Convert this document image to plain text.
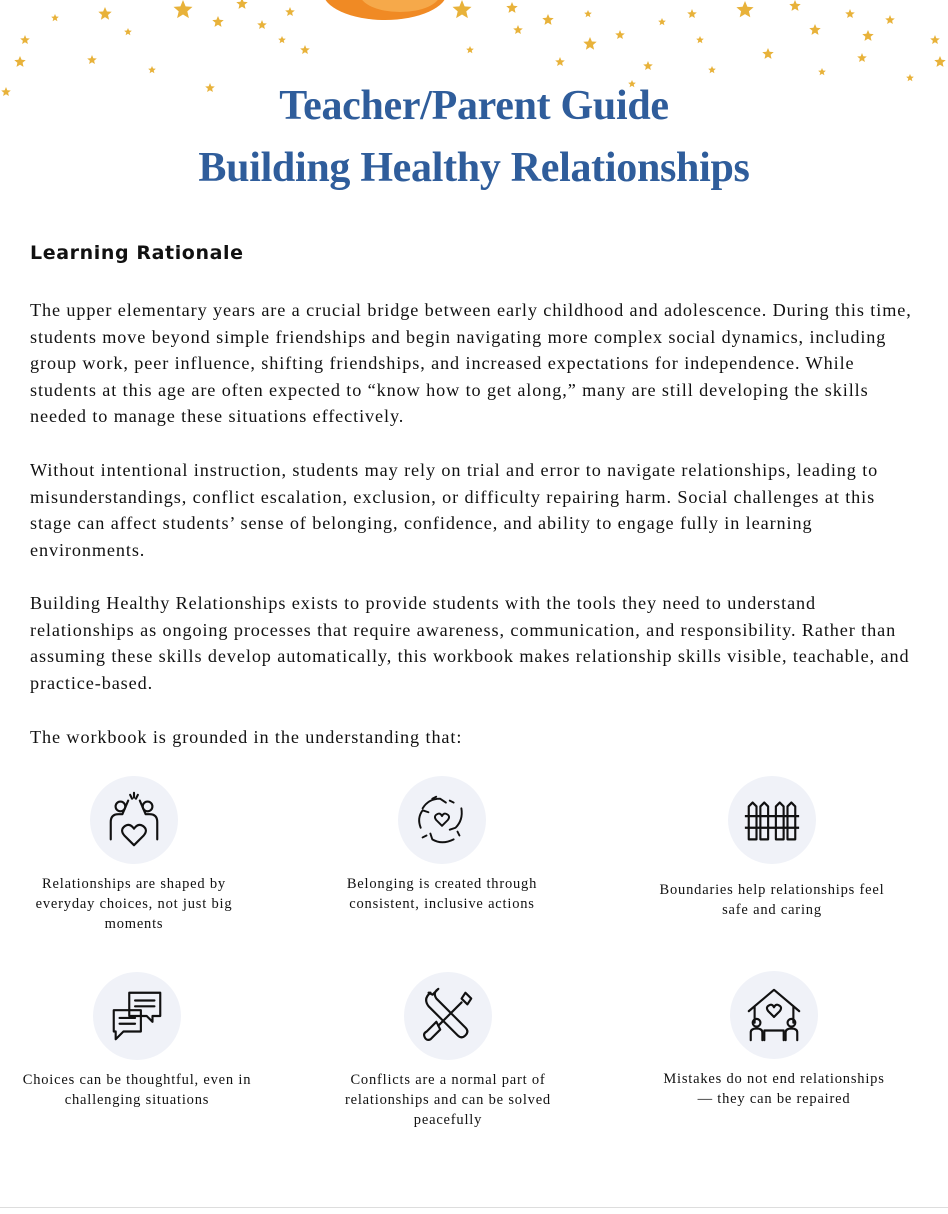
Teacher/Parent Guide
Building Healthy Relationships
Learning Rationale

The upper elementary years are a crucial bridge between early childhood and adolescence. During this time, students move beyond simple friendships and begin navigating more complex social dynamics, including group work, peer influence, shifting friendships, and increased expectations for independence. While students at this age are often expected to “know how to get along,” many are still developing the skills needed to manage these situations effectively.

Without intentional instruction, students may rely on trial and error to navigate relationships, leading to misunderstandings, conflict escalation, exclusion, or difficulty repairing harm. Social challenges at this stage can affect students’ sense of belonging, confidence, and ability to engage fully in learning environments.

Building Healthy Relationships exists to provide students with the tools they need to understand relationships as ongoing processes that require awareness, communication, and responsibility. Rather than assuming these skills develop automatically, this workbook makes relationship skills visible, teachable, and practice-based.

The workbook is grounded in the understanding that:

Relationships are shaped by everyday choices, not just big moments

Belonging is created through consistent, inclusive actions

Boundaries help relationships feel safe and caring

Choices can be thoughtful, even in challenging situations

Conflicts are a normal part of relationships and can be solved peacefully

Mistakes do not end relationships — they can be repaired
